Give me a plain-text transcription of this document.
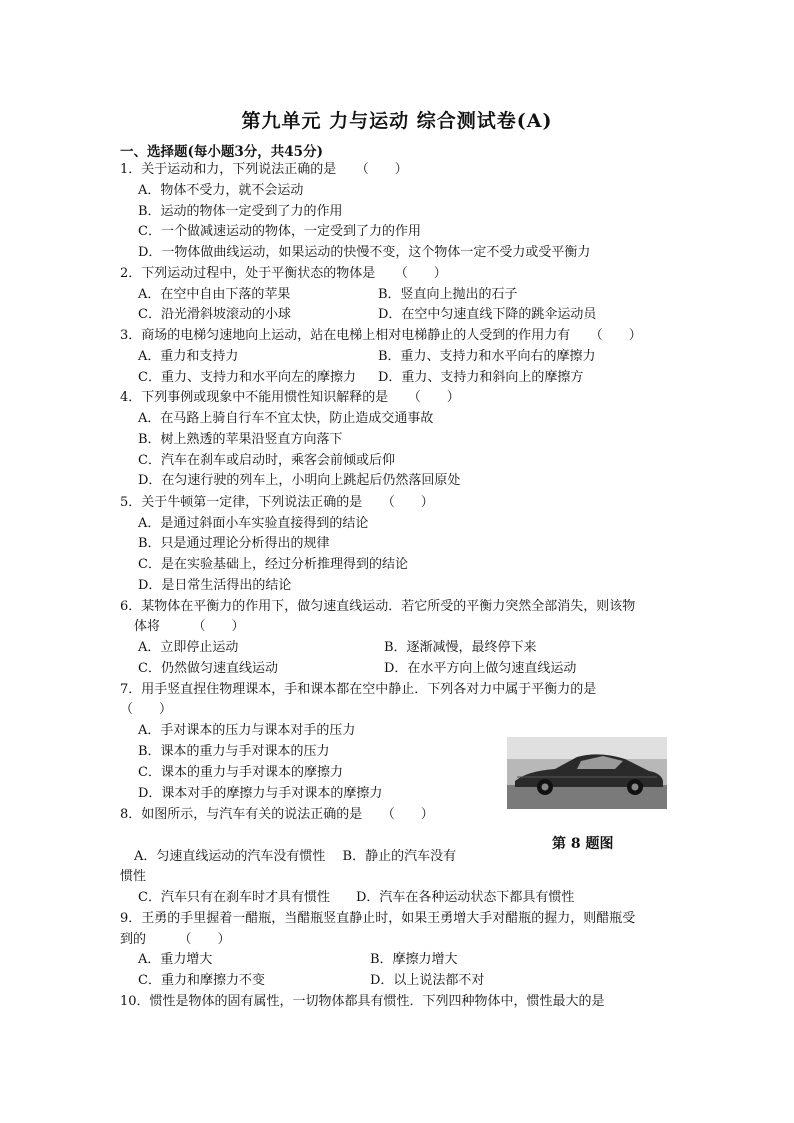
第九单元 力与运动 综合测试卷(A)
一、选择题(每小题3分，共45分)
1．关于运动和力，下列说法正确的是　　（　　）
A．物体不受力，就不会运动
B．运动的物体一定受到了力的作用
C．一个做减速运动的物体，一定受到了力的作用
D．一物体做曲线运动，如果运动的快慢不变，这个物体一定不受力或受平衡力
2．下列运动过程中，处于平衡状态的物体是　　（　　）
A．在空中自由下落的苹果	B．竖直向上抛出的石子
C．沿光滑斜坡滚动的小球	D．在空中匀速直线下降的跳伞运动员
3．商场的电梯匀速地向上运动，站在电梯上相对电梯静止的人受到的作用力有　　（　　）
A．重力和支持力	B．重力、支持力和水平向右的摩擦力
C．重力、支持力和水平向左的摩擦力 D．重力、支持力和斜向上的摩擦方
4．下列事例或现象中不能用惯性知识解释的是　　（　　）
A．在马路上骑自行车不宜太快，防止造成交通事故
B．树上熟透的苹果沿竖直方向落下
C．汽车在刹车或启动时，乘客会前倾或后仰
D．在匀速行驶的列车上，小明向上跳起后仍然落回原处
5．关于牛顿第一定律，下列说法正确的是　　（　　）
A．是通过斜面小车实验直接得到的结论
B．只是通过理论分析得出的规律
C．是在实验基础上，经过分析推理得到的结论
D．是日常生活得出的结论
6．某物体在平衡力的作用下，做匀速直线运动．若它所受的平衡力突然全部消失，则该物
体将　　　（　　）
A．立即停止运动	B．逐渐减慢，最终停下来
C．仍然做匀速直线运动	D．在水平方向上做匀速直线运动
7．用手竖直捏住物理课本，手和课本都在空中静止．下列各对力中属于平衡力的是
（　　）
A．手对课本的压力与课本对手的压力
B．课本的重力与手对课本的压力
C．课本的重力与手对课本的摩擦力
D．课本对手的摩擦力与手对课本的摩擦力
8．如图所示，与汽车有关的说法正确的是　　（　　）
第 8 题图
A．匀速直线运动的汽车没有惯性　 B．静止的汽车没有
惯性
C．汽车只有在刹车时才具有惯性　　D．汽车在各种运动状态下都具有惯性
9．王勇的手里握着一醋瓶，当醋瓶竖直静止时，如果王勇增大手对醋瓶的握力，则醋瓶受
到的　　　（　　）
A．重力增大	B．摩擦力增大
C．重力和摩擦力不变	D．以上说法都不对
10．惯性是物体的固有属性，一切物体都具有惯性．下列四种物体中，惯性最大的是
